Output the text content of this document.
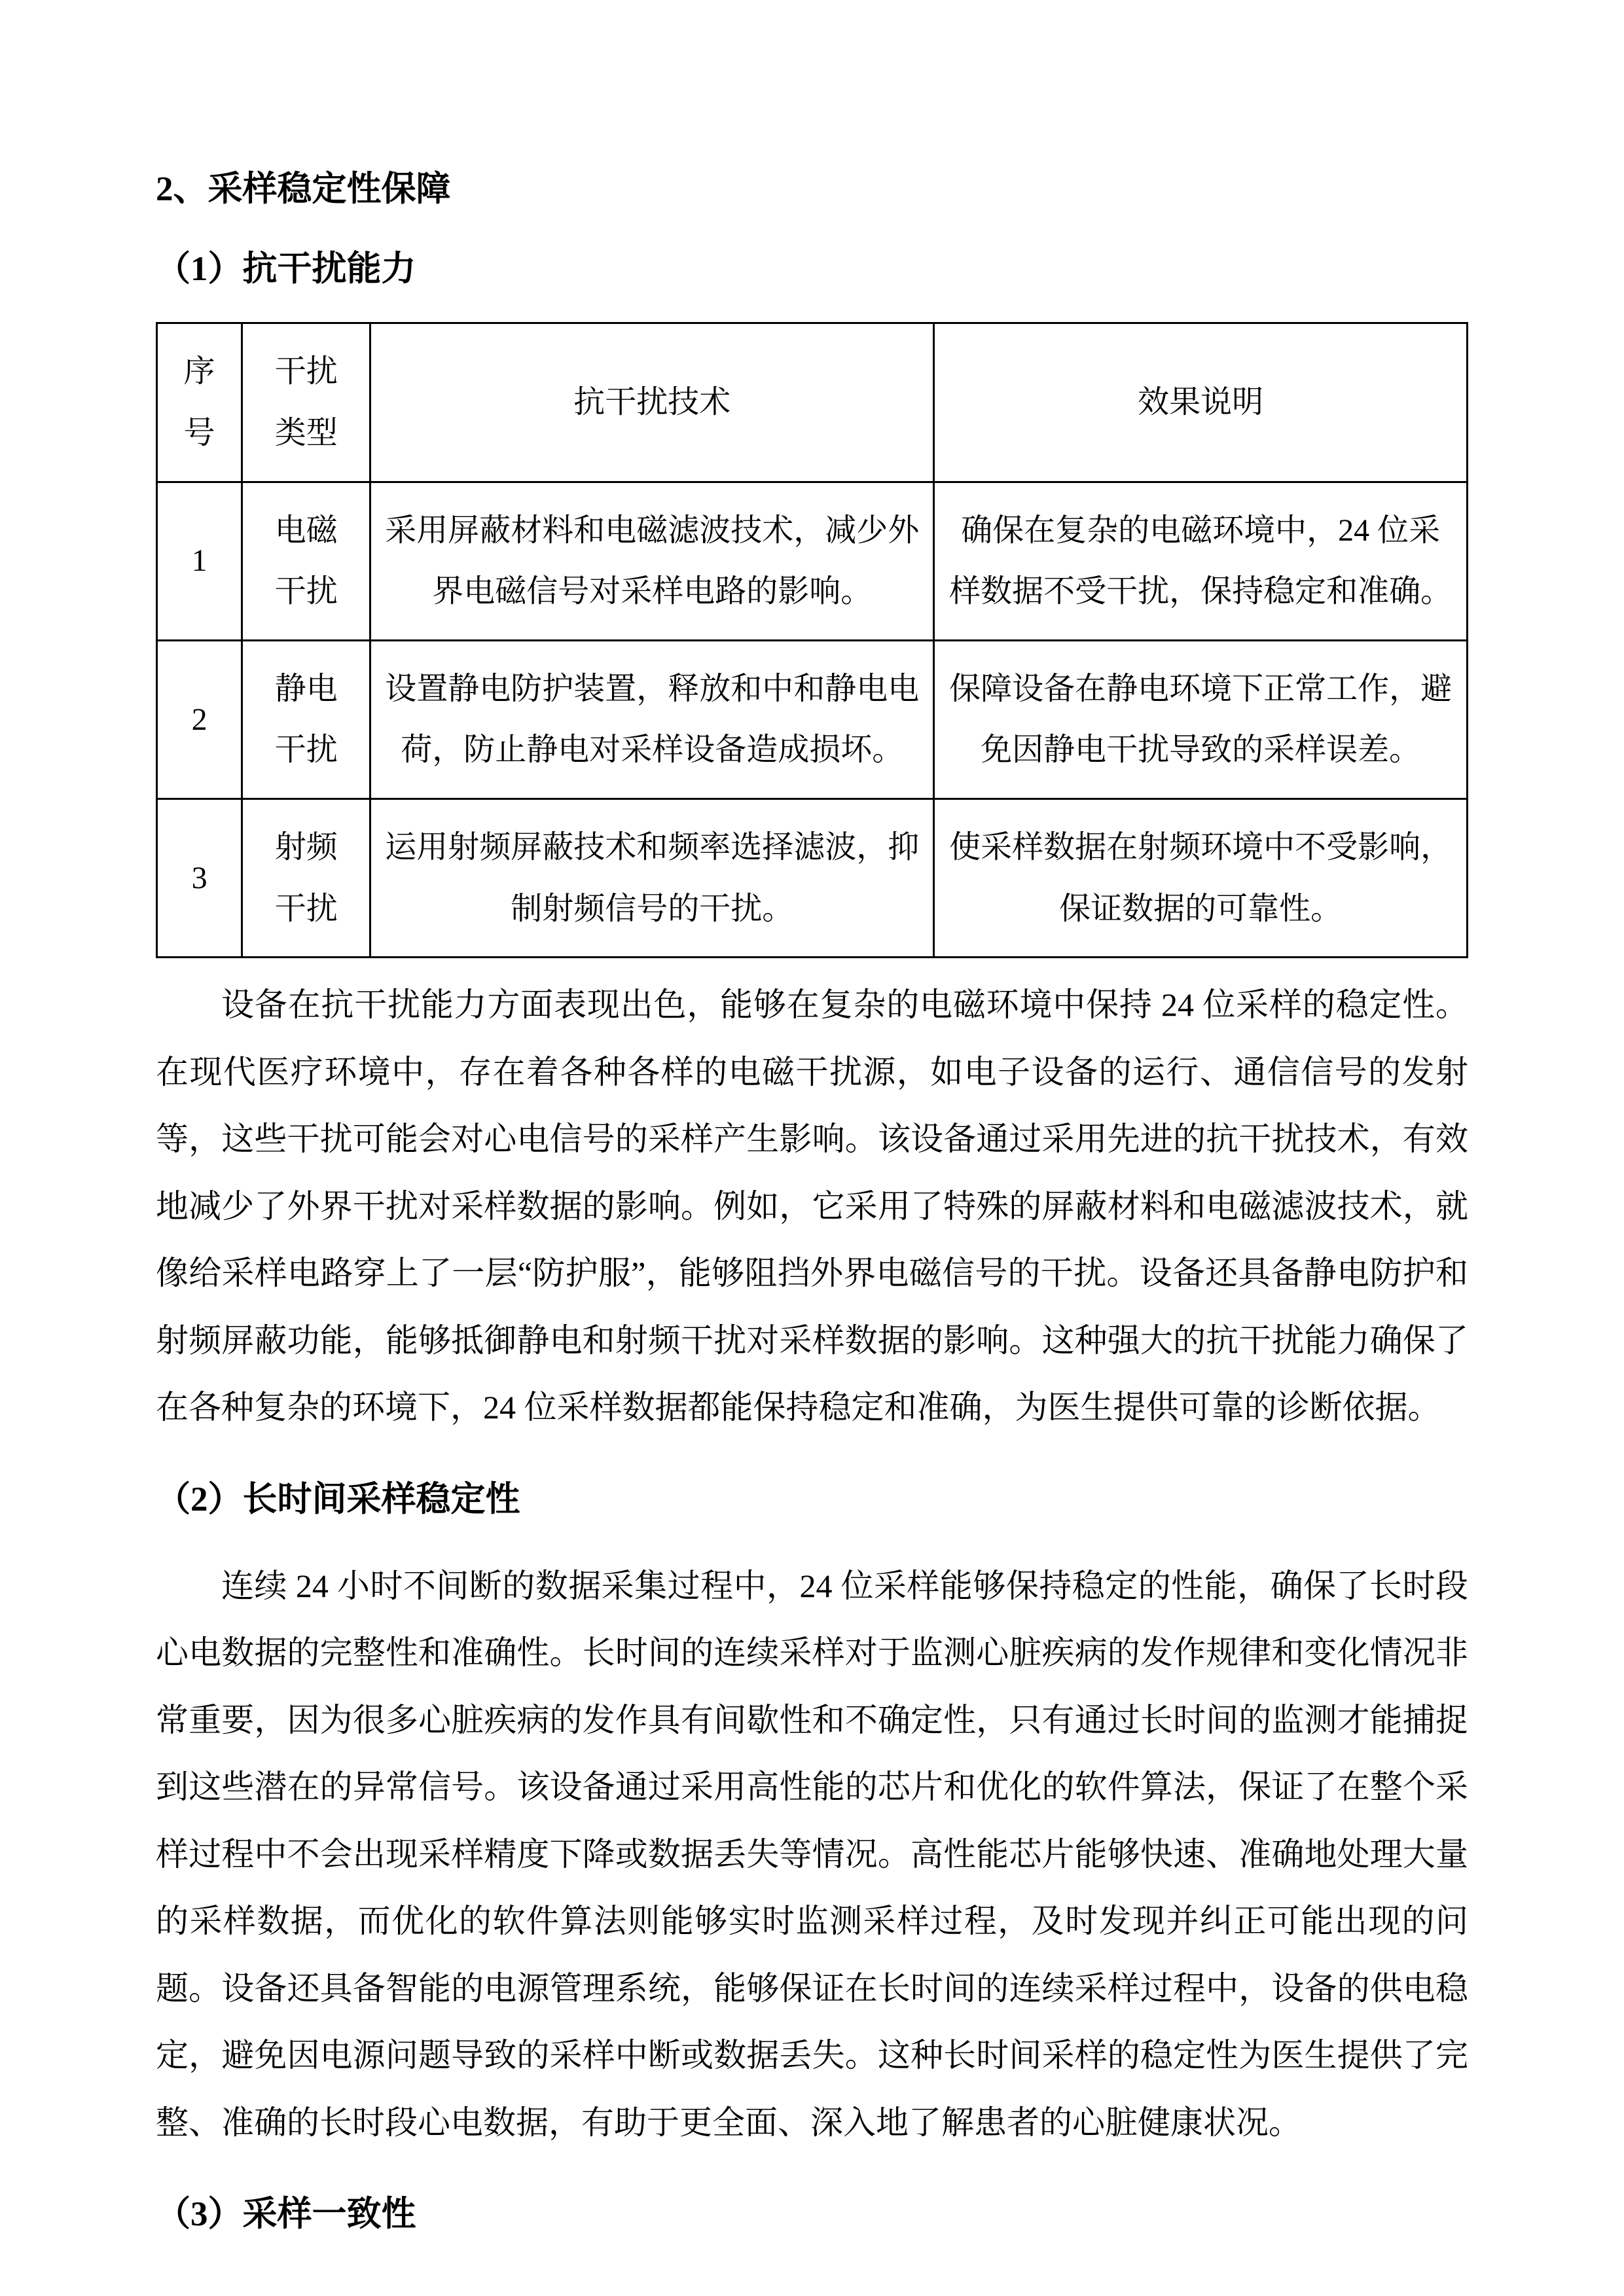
2、采样稳定性保障
（1）抗干扰能力
序号	干扰类型	抗干扰技术	效果说明
1	电磁干扰	采用屏蔽材料和电磁滤波技术，减少外界电磁信号对采样电路的影响。	确保在复杂的电磁环境中，24 位采样数据不受干扰，保持稳定和准确。
2	静电干扰	设置静电防护装置，释放和中和静电电荷，防止静电对采样设备造成损坏。	保障设备在静电环境下正常工作，避免因静电干扰导致的采样误差。
3	射频干扰	运用射频屏蔽技术和频率选择滤波，抑制射频信号的干扰。	使采样数据在射频环境中不受影响，保证数据的可靠性。

设备在抗干扰能力方面表现出色，能够在复杂的电磁环境中保持 24 位采样的稳定性。在现代医疗环境中，存在着各种各样的电磁干扰源，如电子设备的运行、通信信号的发射等，这些干扰可能会对心电信号的采样产生影响。该设备通过采用先进的抗干扰技术，有效地减少了外界干扰对采样数据的影响。例如，它采用了特殊的屏蔽材料和电磁滤波技术，就像给采样电路穿上了一层“防护服”，能够阻挡外界电磁信号的干扰。设备还具备静电防护和射频屏蔽功能，能够抵御静电和射频干扰对采样数据的影响。这种强大的抗干扰能力确保了在各种复杂的环境下，24 位采样数据都能保持稳定和准确，为医生提供可靠的诊断依据。

（2）长时间采样稳定性

连续 24 小时不间断的数据采集过程中，24 位采样能够保持稳定的性能，确保了长时段心电数据的完整性和准确性。长时间的连续采样对于监测心脏疾病的发作规律和变化情况非常重要，因为很多心脏疾病的发作具有间歇性和不确定性，只有通过长时间的监测才能捕捉到这些潜在的异常信号。该设备通过采用高性能的芯片和优化的软件算法，保证了在整个采样过程中不会出现采样精度下降或数据丢失等情况。高性能芯片能够快速、准确地处理大量的采样数据，而优化的软件算法则能够实时监测采样过程，及时发现并纠正可能出现的问题。设备还具备智能的电源管理系统，能够保证在长时间的连续采样过程中，设备的供电稳定，避免因电源问题导致的采样中断或数据丢失。这种长时间采样的稳定性为医生提供了完整、准确的长时段心电数据，有助于更全面、深入地了解患者的心脏健康状况。

（3）采样一致性
